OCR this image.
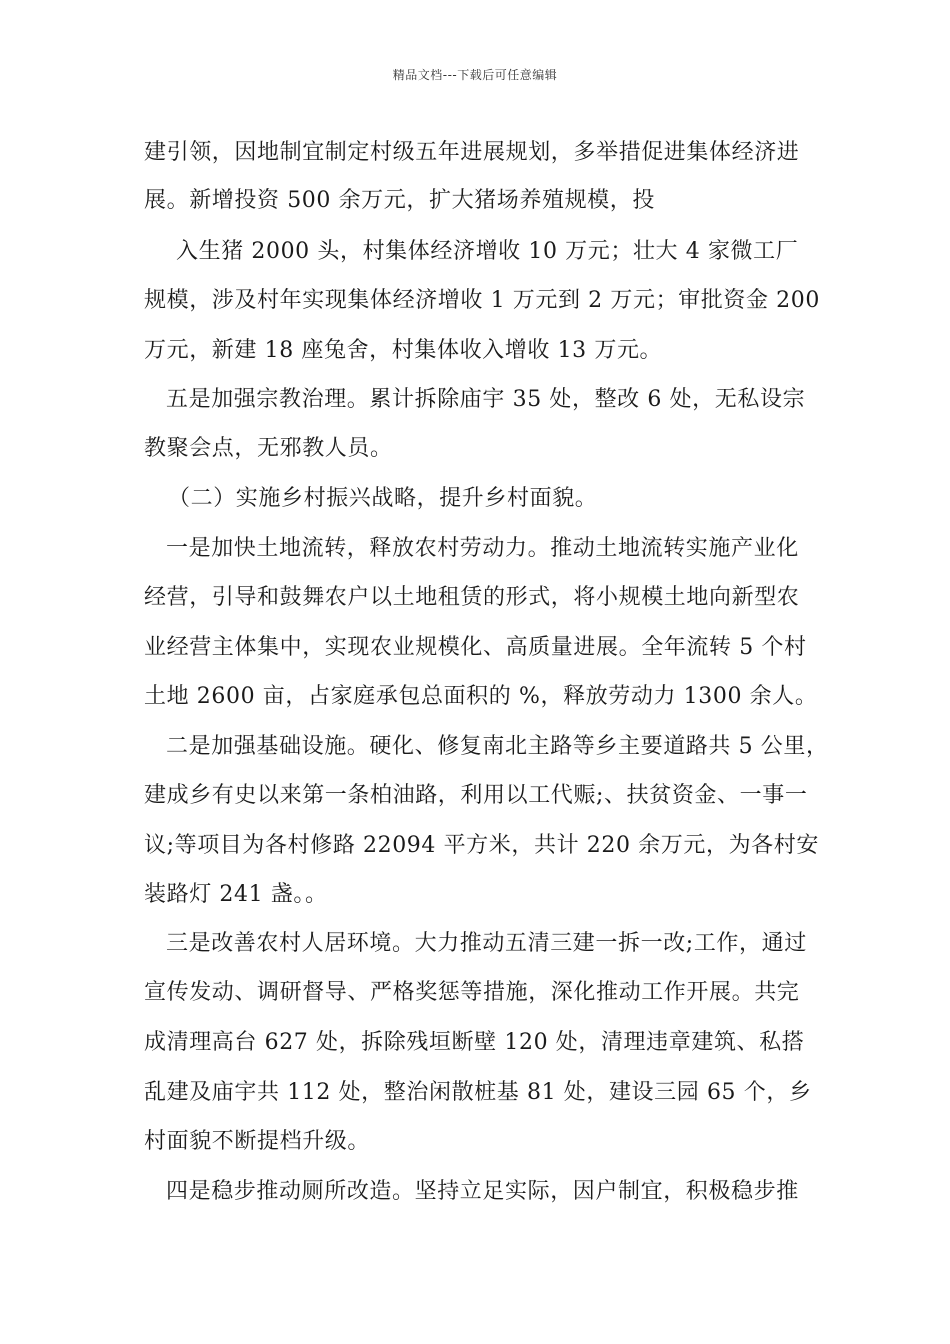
精品文档---下载后可任意编辑
建引领，因地制宜制定村级五年进展规划，多举措促进集体经济进
展。新增投资 500 余万元，扩大猪场养殖规模，投
入生猪 2000 头，村集体经济增收 10 万元；壮大 4 家微工厂
规模，涉及村年实现集体经济增收 1 万元到 2 万元；审批资金 200
万元，新建 18 座兔舍，村集体收入增收 13 万元。
五是加强宗教治理。累计拆除庙宇 35 处，整改 6 处，无私设宗
教聚会点，无邪教人员。
（二）实施乡村振兴战略，提升乡村面貌。
一是加快土地流转，释放农村劳动力。推动土地流转实施产业化
经营，引导和鼓舞农户以土地租赁的形式，将小规模土地向新型农
业经营主体集中，实现农业规模化、高质量进展。全年流转 5 个村
土地 2600 亩，占家庭承包总面积的 %，释放劳动力 1300 余人。
二是加强基础设施。硬化、修复南北主路等乡主要道路共 5 公里，
建成乡有史以来第一条柏油路，利用以工代赈;、扶贫资金、一事一
议;等项目为各村修路 22094 平方米，共计 220 余万元，为各村安
装路灯 241 盏。。
三是改善农村人居环境。大力推动五清三建一拆一改;工作，通过
宣传发动、调研督导、严格奖惩等措施，深化推动工作开展。共完
成清理高台 627 处，拆除残垣断壁 120 处，清理违章建筑、私搭
乱建及庙宇共 112 处，整治闲散桩基 81 处，建设三园 65 个，乡
村面貌不断提档升级。
四是稳步推动厕所改造。坚持立足实际，因户制宜，积极稳步推
